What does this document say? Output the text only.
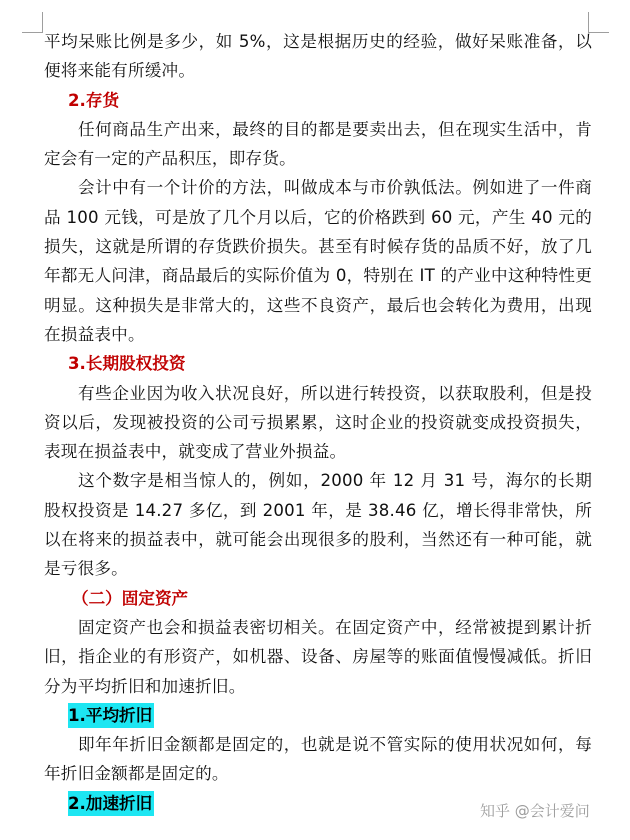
平均呆账比例是多少，如 5%，这是根据历史的经验，做好呆账准备，以便将来能有所缓冲。

2.存货

任何商品生产出来，最终的目的都是要卖出去，但在现实生活中，肯定会有一定的产品积压，即存货。

会计中有一个计价的方法，叫做成本与市价孰低法。例如进了一件商品 100 元钱，可是放了几个月以后，它的价格跌到 60 元，产生 40 元的损失，这就是所谓的存货跌价损失。甚至有时候存货的品质不好，放了几年都无人问津，商品最后的实际价值为 0，特别在 IT 的产业中这种特性更明显。这种损失是非常大的，这些不良资产，最后也会转化为费用，出现在损益表中。

3.长期股权投资

有些企业因为收入状况良好，所以进行转投资，以获取股利，但是投资以后，发现被投资的公司亏损累累，这时企业的投资就变成投资损失，表现在损益表中，就变成了营业外损益。

这个数字是相当惊人的，例如，2000 年 12 月 31 号，海尔的长期股权投资是 14.27 多亿，到 2001 年，是 38.46 亿，增长得非常快，所以在将来的损益表中，就可能会出现很多的股利，当然还有一种可能，就是亏很多。

（二）固定资产

固定资产也会和损益表密切相关。在固定资产中，经常被提到累计折旧，指企业的有形资产，如机器、设备、房屋等的账面值慢慢减低。折旧分为平均折旧和加速折旧。

1.平均折旧

即年年折旧金额都是固定的，也就是说不管实际的使用状况如何，每年折旧金额都是固定的。

2.加速折旧	知乎 @会计爱问
